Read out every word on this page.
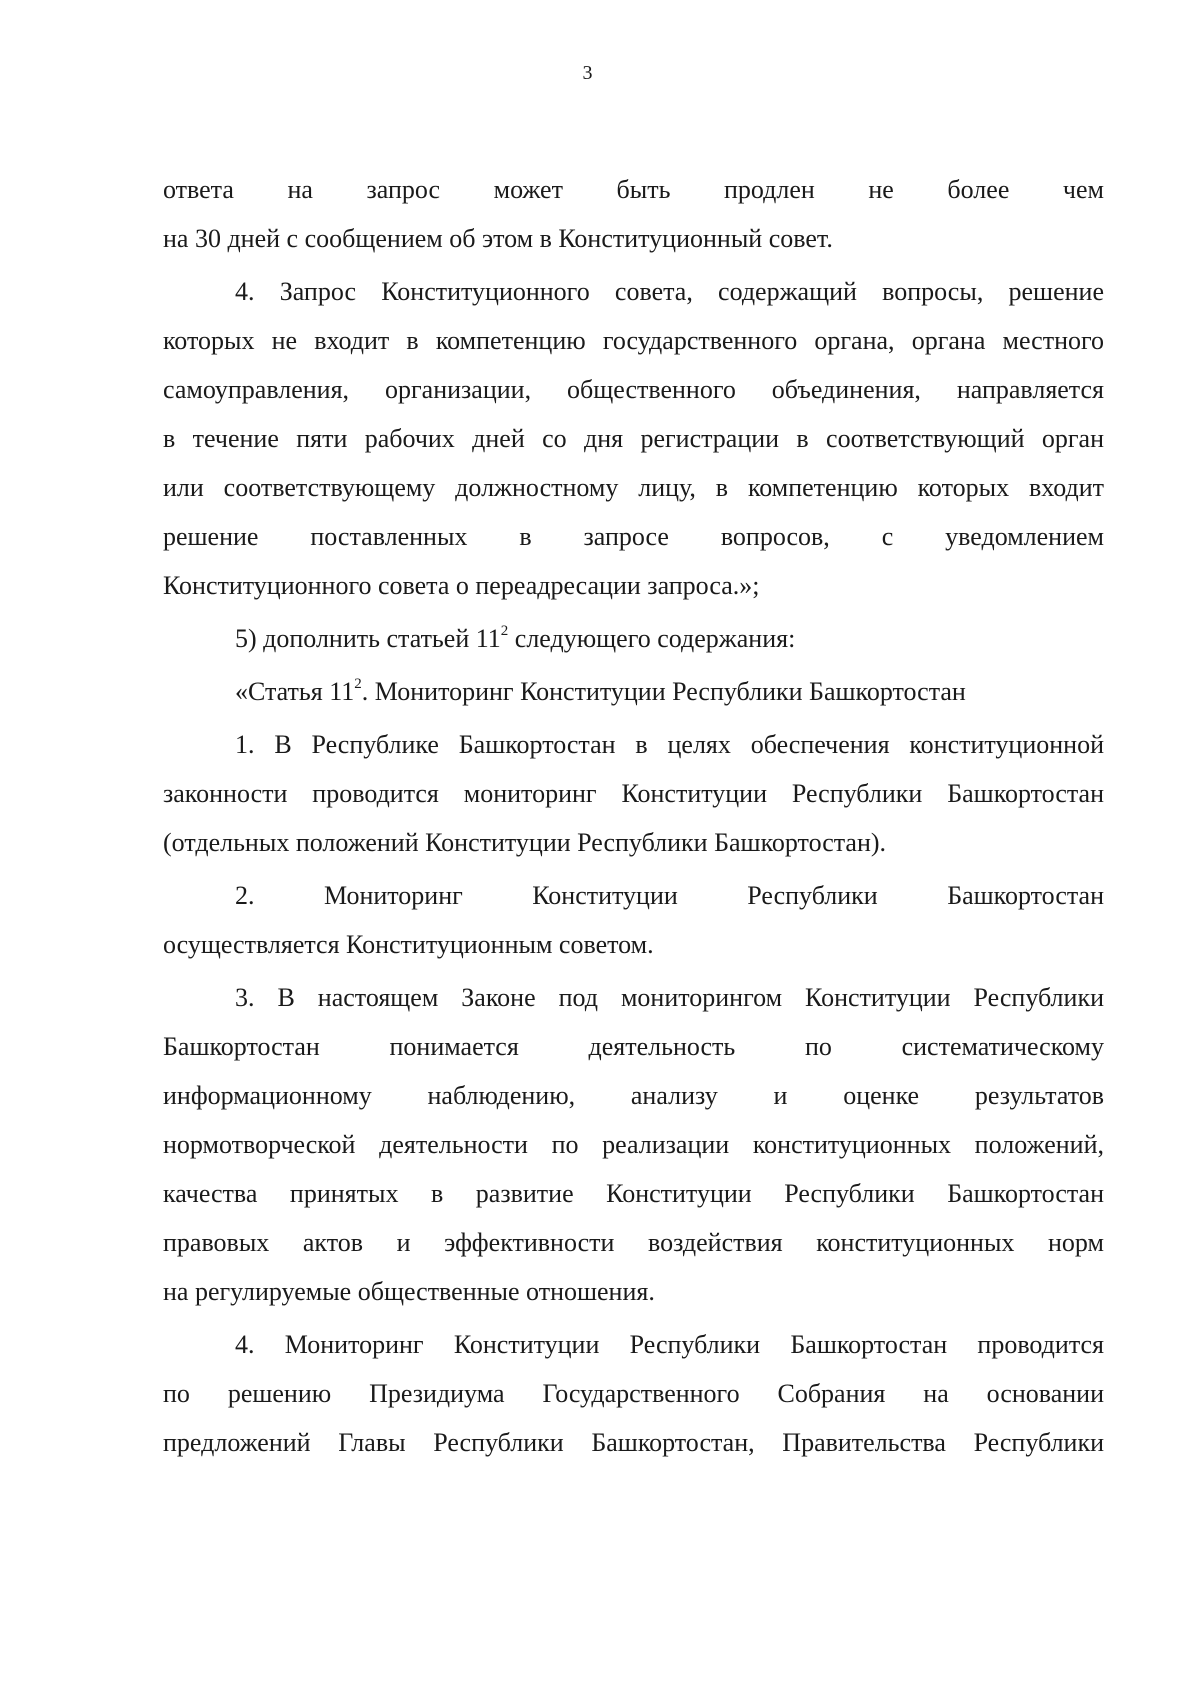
3
ответа на запрос может быть продлен не более чем
на 30 дней с сообщением об этом в Конституционный совет.
4. Запрос Конституционного совета, содержащий вопросы, решение
которых не входит в компетенцию государственного органа, органа местного
самоуправления, организации, общественного объединения, направляется
в течение пяти рабочих дней со дня регистрации в соответствующий орган
или соответствующему должностному лицу, в компетенцию которых входит
решение поставленных в запросе вопросов, с уведомлением
Конституционного совета о переадресации запроса.»;
5) дополнить статьей $11^2$ следующего содержания:
«Статья $11^2$. Мониторинг Конституции Республики Башкортостан
1. В Республике Башкортостан в целях обеспечения конституционной
законности проводится мониторинг Конституции Республики Башкортостан
(отдельных положений Конституции Республики Башкортостан).
2. Мониторинг Конституции Республики Башкортостан
осуществляется Конституционным советом.
3. В настоящем Законе под мониторингом Конституции Республики
Башкортостан понимается деятельность по систематическому
информационному наблюдению, анализу и оценке результатов
нормотворческой деятельности по реализации конституционных положений,
качества принятых в развитие Конституции Республики Башкортостан
правовых актов и эффективности воздействия конституционных норм
на регулируемые общественные отношения.
4. Мониторинг Конституции Республики Башкортостан проводится
по решению Президиума Государственного Собрания на основании
предложений Главы Республики Башкортостан, Правительства Республики
